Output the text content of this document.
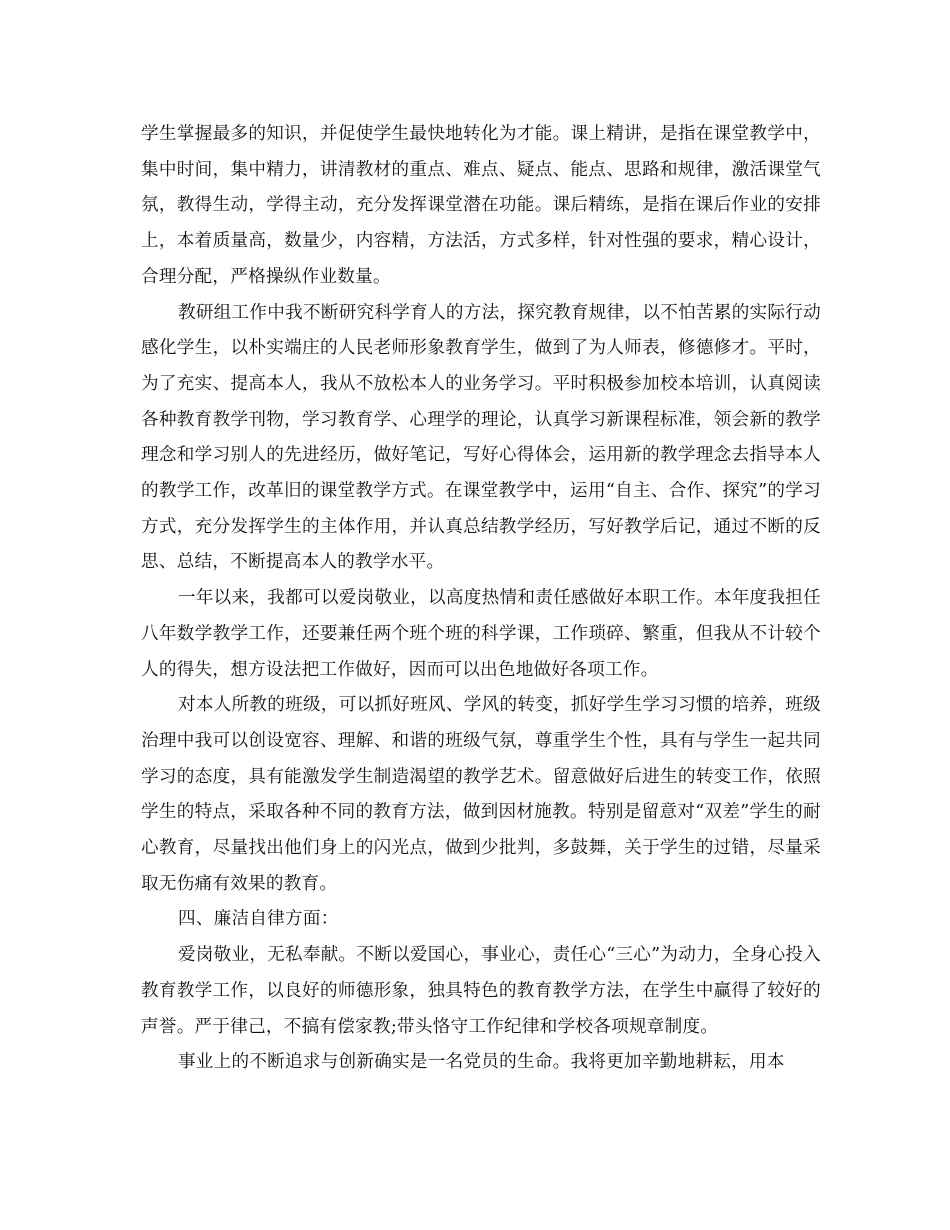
学生掌握最多的知识，并促使学生最快地转化为才能。课上精讲，是指在课堂教学中，集中时间，集中精力，讲清教材的重点、难点、疑点、能点、思路和规律，激活课堂气氛，教得生动，学得主动，充分发挥课堂潜在功能。课后精练，是指在课后作业的安排上，本着质量高，数量少，内容精，方法活，方式多样，针对性强的要求，精心设计，合理分配，严格操纵作业数量。

教研组工作中我不断研究科学育人的方法，探究教育规律，以不怕苦累的实际行动感化学生，以朴实端庄的人民老师形象教育学生，做到了为人师表，修德修才。平时，为了充实、提高本人，我从不放松本人的业务学习。平时积极参加校本培训，认真阅读各种教育教学刊物，学习教育学、心理学的理论，认真学习新课程标准，领会新的教学理念和学习别人的先进经历，做好笔记，写好心得体会，运用新的教学理念去指导本人的教学工作，改革旧的课堂教学方式。在课堂教学中，运用“自主、合作、探究”的学习方式，充分发挥学生的主体作用，并认真总结教学经历，写好教学后记，通过不断的反思、总结，不断提高本人的教学水平。

一年以来，我都可以爱岗敬业，以高度热情和责任感做好本职工作。本年度我担任八年数学教学工作，还要兼任两个班个班的科学课，工作琐碎、繁重，但我从不计较个人的得失，想方设法把工作做好，因而可以出色地做好各项工作。

对本人所教的班级，可以抓好班风、学风的转变，抓好学生学习习惯的培养，班级治理中我可以创设宽容、理解、和谐的班级气氛，尊重学生个性，具有与学生一起共同学习的态度，具有能激发学生制造渴望的教学艺术。留意做好后进生的转变工作，依照学生的特点，采取各种不同的教育方法，做到因材施教。特别是留意对“双差”学生的耐心教育，尽量找出他们身上的闪光点，做到少批判，多鼓舞，关于学生的过错，尽量采取无伤痛有效果的教育。

四、廉洁自律方面：

爱岗敬业，无私奉献。不断以爱国心，事业心，责任心“三心”为动力，全身心投入教育教学工作，以良好的师德形象，独具特色的教育教学方法，在学生中赢得了较好的声誉。严于律己，不搞有偿家教;带头恪守工作纪律和学校各项规章制度。

事业上的不断追求与创新确实是一名党员的生命。我将更加辛勤地耕耘，用本
